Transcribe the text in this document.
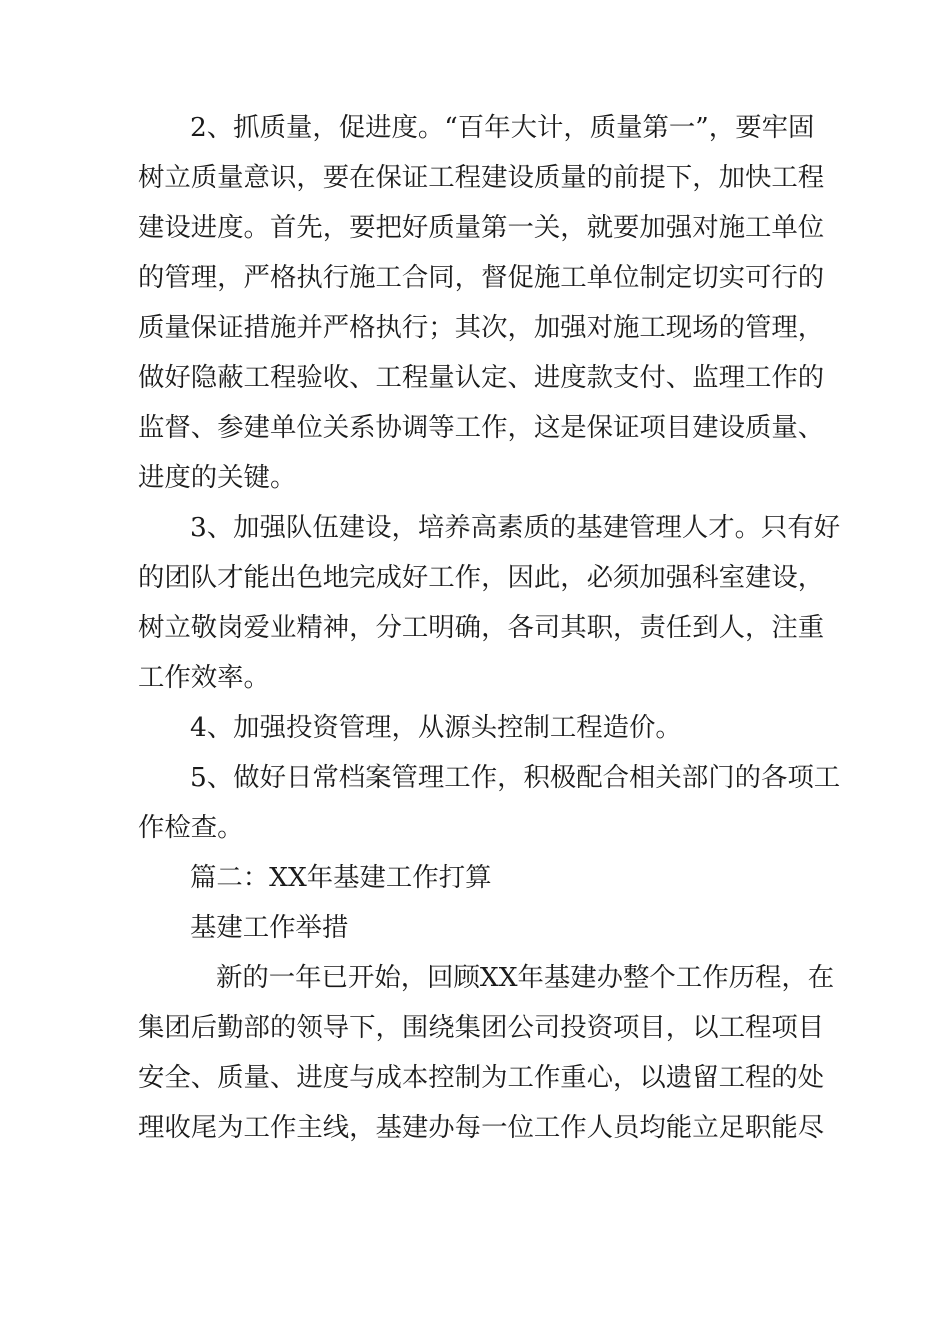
2、抓质量，促进度。“百年大计，质量第一”，要牢固
树立质量意识，要在保证工程建设质量的前提下，加快工程
建设进度。首先，要把好质量第一关，就要加强对施工单位
的管理，严格执行施工合同，督促施工单位制定切实可行的
质量保证措施并严格执行；其次，加强对施工现场的管理，
做好隐蔽工程验收、工程量认定、进度款支付、监理工作的
监督、参建单位关系协调等工作，这是保证项目建设质量、
进度的关键。
3、加强队伍建设，培养高素质的基建管理人才。只有好
的团队才能出色地完成好工作，因此，必须加强科室建设，
树立敬岗爱业精神，分工明确，各司其职，责任到人，注重
工作效率。
4、加强投资管理，从源头控制工程造价。
5、做好日常档案管理工作，积极配合相关部门的各项工
作检查。
篇二：XX年基建工作打算
基建工作举措
新的一年已开始，回顾XX年基建办整个工作历程，在
集团后勤部的领导下，围绕集团公司投资项目，以工程项目
安全、质量、进度与成本控制为工作重心，以遗留工程的处
理收尾为工作主线，基建办每一位工作人员均能立足职能尽
